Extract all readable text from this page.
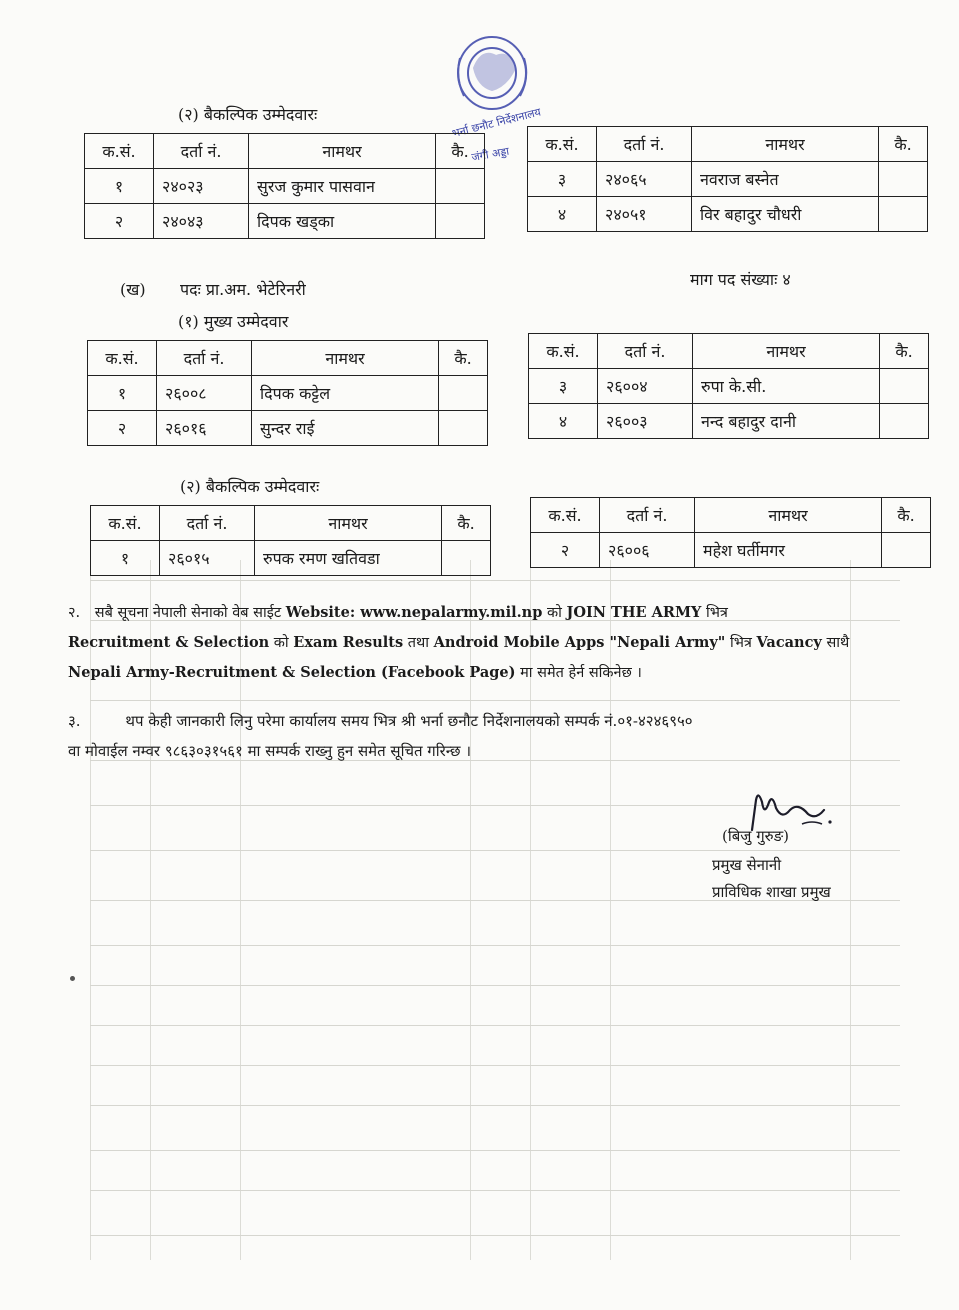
भर्ना छनौट निर्देशनालय
जंगी अड्डा
(२) बैकल्पिक उम्मेदवारः
क.सं.	दर्ता नं.	नामथर	कै.
१	२४०२३	सुरज कुमार पासवान	
२	२४०४३	दिपक खड्का	
क.सं.	दर्ता नं.	नामथर	कै.
३	२४०६५	नवराज बस्नेत	
४	२४०५१	विर बहादुर चौधरी	
(ख) पदः प्रा.अम. भेटेरिनरी
माग पद संख्याः ४
(१) मुख्य उम्मेदवार
क.सं.	दर्ता नं.	नामथर	कै.
१	२६००८	दिपक कट्टेल	
२	२६०१६	सुन्दर राई	
क.सं.	दर्ता नं.	नामथर	कै.
३	२६००४	रुपा के.सी.	
४	२६००३	नन्द बहादुर दानी	
(२) बैकल्पिक उम्मेदवारः
क.सं.	दर्ता नं.	नामथर	कै.
१	२६०१५	रुपक रमण खतिवडा	
क.सं.	दर्ता नं.	नामथर	कै.
२	२६००६	महेश घर्तीमगर	
२. सबै सूचना नेपाली सेनाको वेब साईट Website: www.nepalarmy.mil.np को JOIN THE ARMY भित्र
Recruitment & Selection को Exam Results तथा Android Mobile Apps "Nepali Army" भित्र Vacancy साथै
Nepali Army-Recruitment & Selection (Facebook Page) मा समेत हेर्न सकिनेछ ।
३.	थप केही जानकारी लिनु परेमा कार्यालय समय भित्र श्री भर्ना छनौट निर्देशनालयको सम्पर्क नं.०१-४२४६९५०
वा मोवाईल नम्वर ९८६३०३१५६१ मा सम्पर्क राख्नु हुन समेत सूचित गरिन्छ ।
(बिजु गुरुङ)
प्रमुख सेनानी
प्राविधिक शाखा प्रमुख
